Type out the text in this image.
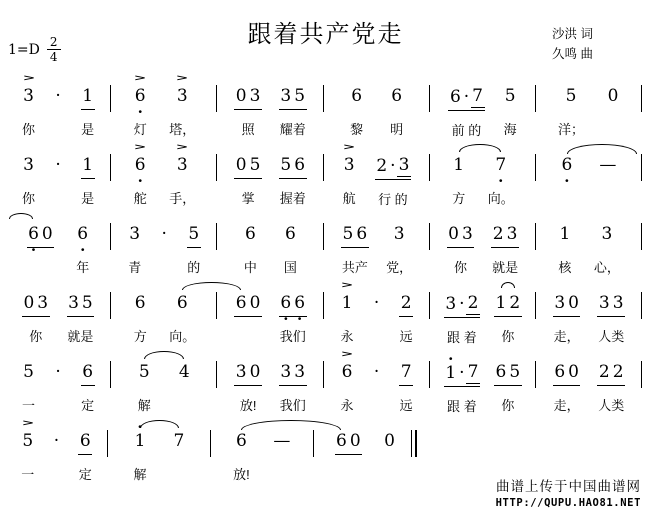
跟着共产党走	沙洪 词
久鸣 曲
$1=D \frac{2}{4}$
3
>
你
· 1
是
6
>
·
灯
3
>
塔，
0 3
照
3 5
耀着
6
黎
6
明
6 · 7
前 的
5
海
5
洋；
0
3
你
· 1
是
6
>
·
舵
3
>
手，
0 5
掌
5 6
握着
3
>
航
2 · 3
行 的
1
方
7
·
向。
6
·
—
6
·
0 6
·
年
3
青
· 5
的
6
中
6
国
5 6
共产
3
党，
0 3
你
2 3
就是
1
核
3
心，
0 3
你
3 5
就是
6
方
6
向。
6 0 6
·
6
·
我们
1
>
永
· 2
远
3 · 2
跟 着
1 2
你
3 0
走，
3 3
人类
5
一
· 6
定
5
解
4	3 0
放!
3 3
我们
6
>
永
· 7
远
1
·
· 7
跟 着
6 5
你
6 0
走，
2 2
人类
5
>
一
· 6
定
1
·
解
7	6
放!
—	6 0 0
曲谱上传于中国曲谱网
HTTP://QUPU.HAO81.NET
